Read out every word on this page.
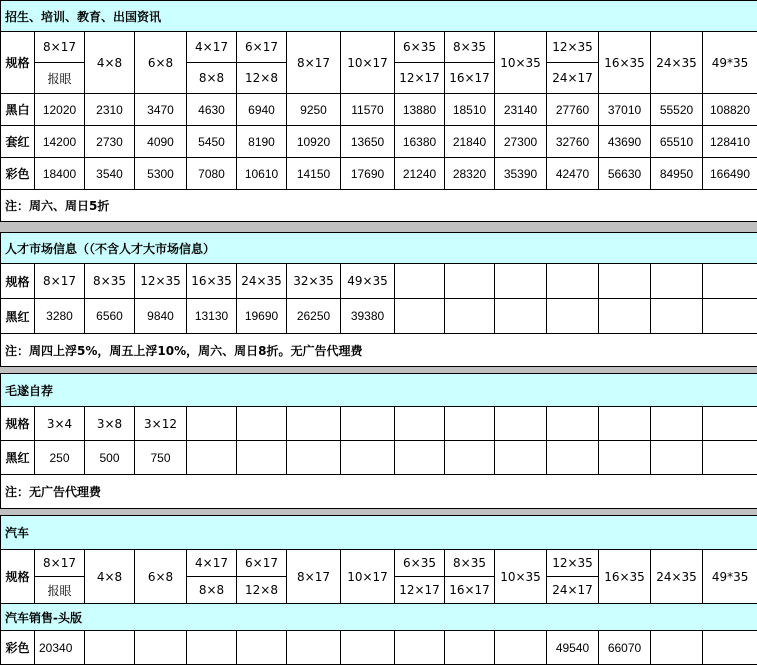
招生、培训、教育、出国资讯														
规格	8×17	4×8	6×8	4×17	6×17	8×17	10×17	6×35	8×35	10×35	12×35	16×35	24×35	49*35
	报眼			8×8	12×8			12×17	16×17		24×17			
黑白	12020	2310	3470	4630	6940	9250	11570	13880	18510	23140	27760	37010	55520	108820
套红	14200	2730	4090	5450	8190	10920	13650	16380	21840	27300	32760	43690	65510	128410
彩色	18400	3540	5300	7080	10610	14150	17690	21240	28320	35390	42470	56630	84950	166490
注：周六、周日5折														
人才市场信息（（不含人才大市场信息）														
规格	8×17	8×35	12×35	16×35	24×35	32×35	49×35							
黑红	3280	6560	9840	13130	19690	26250	39380							
注：周四上浮5%，周五上浮10%，周六、周日8折。无广告代理费														
毛遂自荐														
规格	3×4	3×8	3×12											
黑红	250	500	750											
注：无广告代理费														
汽车														
规格	8×17	4×8	6×8	4×17	6×17	8×17	10×17	6×35	8×35	10×35	12×35	16×35	24×35	49*35
	报眼			8×8	12×8			12×17	16×17		24×17			
汽车销售-头版														
彩色	20340										49540	66070		
